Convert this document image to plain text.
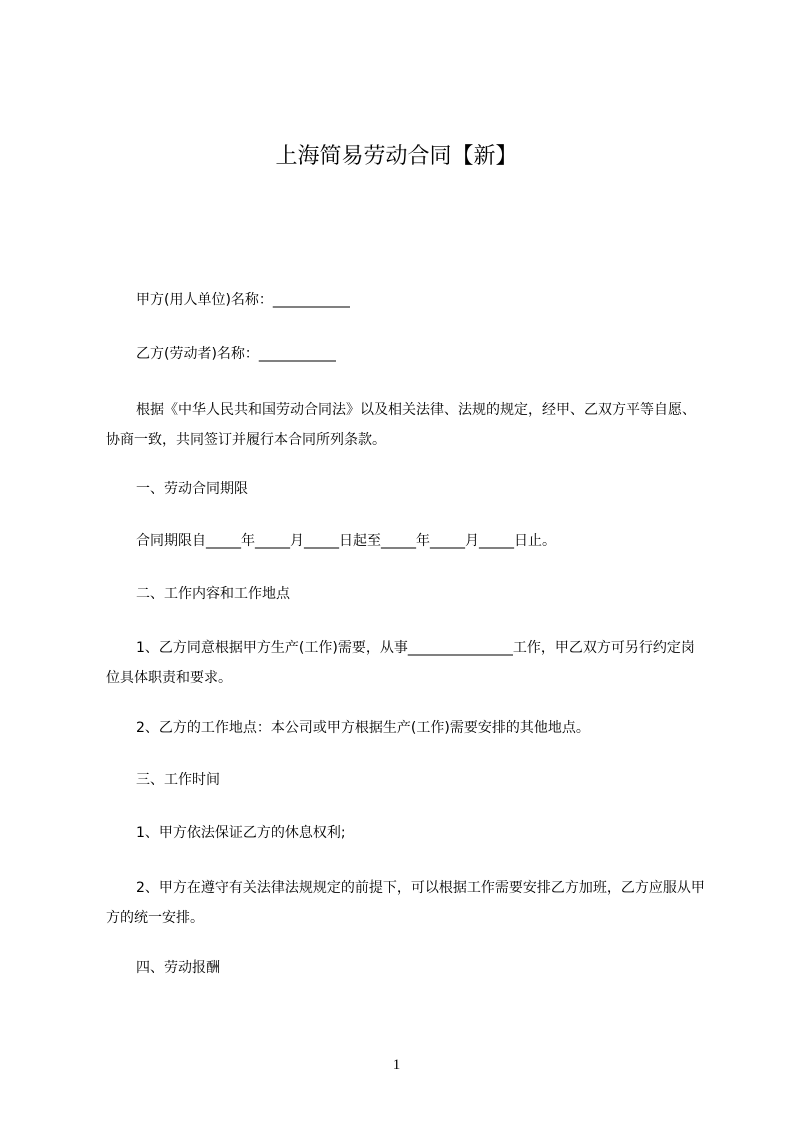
上海简易劳动合同【新】
甲方(用人单位)名称：___________
乙方(劳动者)名称：___________
根据《中华人民共和国劳动合同法》以及相关法律、法规的规定，经甲、乙双方平等自愿、协商一致，共同签订并履行本合同所列条款。
一、劳动合同期限
合同期限自_____年_____月_____日起至_____年_____月_____日止。
二、工作内容和工作地点
1、乙方同意根据甲方生产(工作)需要，从事_______________工作，甲乙双方可另行约定岗位具体职责和要求。
2、乙方的工作地点：本公司或甲方根据生产(工作)需要安排的其他地点。
三、工作时间
1、甲方依法保证乙方的休息权利;
2、甲方在遵守有关法律法规规定的前提下，可以根据工作需要安排乙方加班，乙方应服从甲方的统一安排。
四、劳动报酬
1
